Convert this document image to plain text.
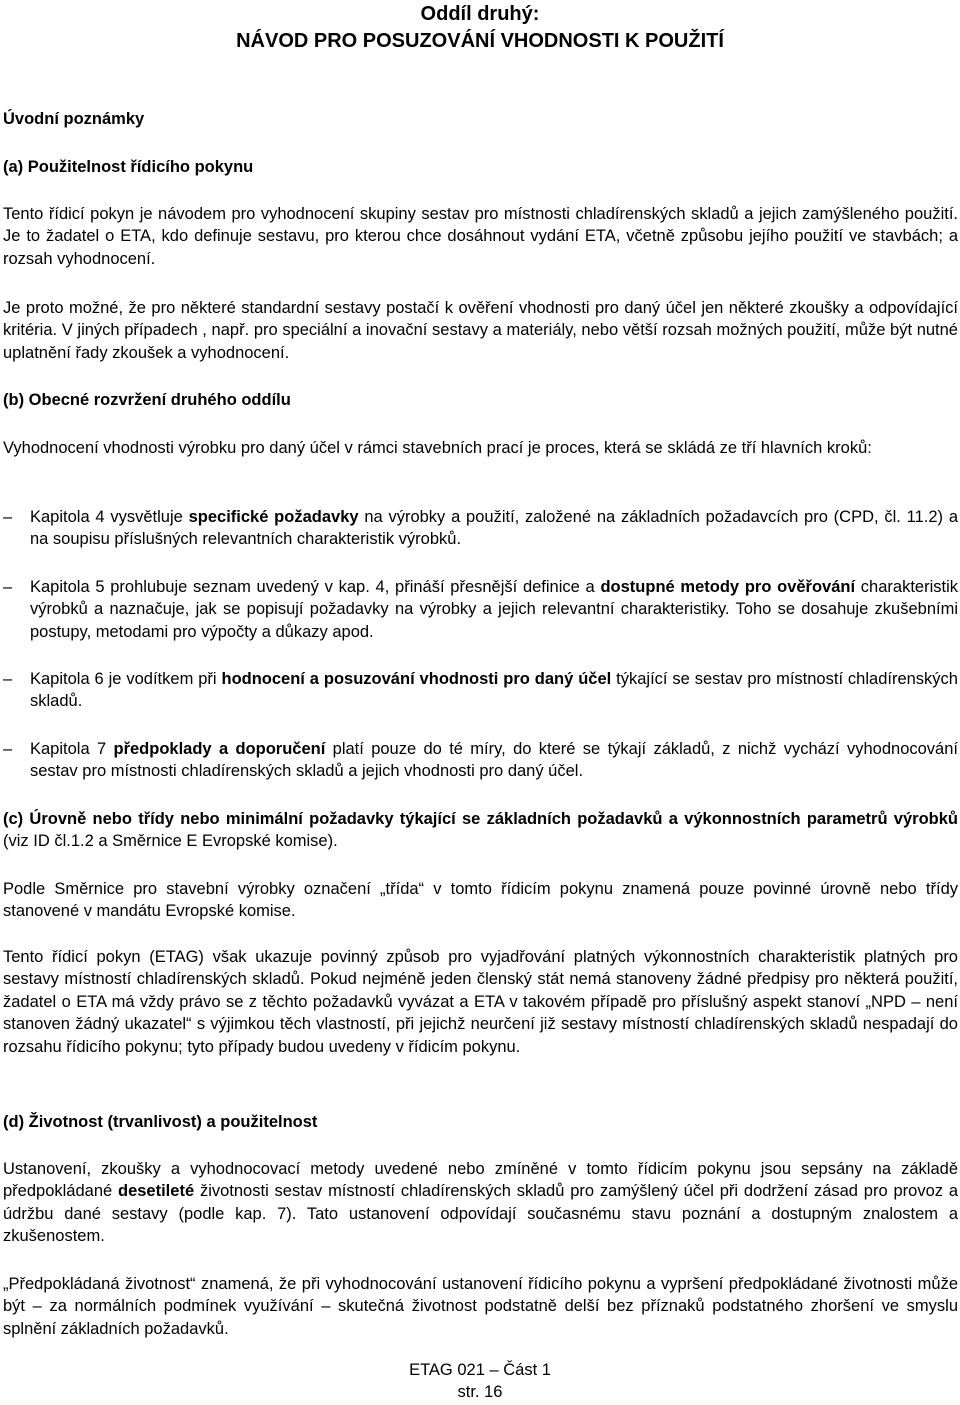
Oddíl druhý:
NÁVOD PRO POSUZOVÁNÍ VHODNOSTI K POUŽITÍ
Úvodní poznámky
(a) Použitelnost řídicího pokynu
Tento řídicí pokyn je návodem pro vyhodnocení skupiny sestav pro místnosti chladírenských skladů a jejich zamýšleného použití. Je to žadatel o ETA, kdo definuje sestavu, pro kterou chce dosáhnout vydání ETA, včetně způsobu jejího použití ve stavbách; a rozsah vyhodnocení.
Je proto možné, že pro některé standardní sestavy postačí k ověření vhodnosti pro daný účel jen některé zkoušky a odpovídající kritéria. V jiných případech , např. pro speciální a inovační sestavy a materiály, nebo větší rozsah možných použití, může být nutné uplatnění řady zkoušek a vyhodnocení.
(b) Obecné rozvržení druhého oddílu
Vyhodnocení vhodnosti výrobku pro daný účel v rámci stavebních prací je proces, která se skládá ze tří hlavních kroků:
–	Kapitola 4 vysvětluje specifické požadavky na výrobky a použití, založené na základních požadavcích pro (CPD, čl. 11.2) a na soupisu příslušných relevantních charakteristik výrobků.
–	Kapitola 5 prohlubuje seznam uvedený v kap. 4, přináší přesnější definice a dostupné metody pro ověřování charakteristik výrobků a naznačuje, jak se popisují požadavky na výrobky a jejich relevantní charakteristiky. Toho se dosahuje zkušebními postupy, metodami pro výpočty a důkazy apod.
–	Kapitola 6 je vodítkem při hodnocení a posuzování vhodnosti pro daný účel týkající se sestav pro místností chladírenských skladů.
–	Kapitola 7 předpoklady a doporučení platí pouze do té míry, do které se týkají základů, z nichž vychází vyhodnocování sestav pro místnosti chladírenských skladů a jejich vhodnosti pro daný účel.
(c) Úrovně nebo třídy nebo minimální požadavky týkající se základních požadavků a výkonnostních parametrů výrobků (viz ID čl.1.2 a Směrnice E Evropské komise).
Podle Směrnice pro stavební výrobky označení „třída“ v tomto řídicím pokynu znamená pouze povinné úrovně nebo třídy stanovené v mandátu Evropské komise.
Tento řídicí pokyn (ETAG) však ukazuje povinný způsob pro vyjadřování platných výkonnostních charakteristik platných pro sestavy místností chladírenských skladů. Pokud nejméně jeden členský stát nemá stanoveny žádné předpisy pro některá použití, žadatel o ETA má vždy právo se z těchto požadavků vyvázat a ETA v takovém případě pro příslušný aspekt stanoví „NPD – není stanoven žádný ukazatel“ s výjimkou těch vlastností, při jejichž neurčení již sestavy místností chladírenských skladů nespadají do rozsahu řídicího pokynu; tyto případy budou uvedeny v řídicím pokynu.
(d) Životnost (trvanlivost) a použitelnost
Ustanovení, zkoušky a vyhodnocovací metody uvedené nebo zmíněné v tomto řídicím pokynu jsou sepsány na základě předpokládané desetileté životnosti sestav místností chladírenských skladů pro zamýšlený účel při dodržení zásad pro provoz a údržbu dané sestavy (podle kap. 7). Tato ustanovení odpovídají současnému stavu poznání a dostupným znalostem a zkušenostem.
„Předpokládaná životnost“ znamená, že při vyhodnocování ustanovení řídicího pokynu a vypršení předpokládané životnosti může být – za normálních podmínek využívání – skutečná životnost podstatně delší bez příznaků podstatného zhoršení ve smyslu splnění základních požadavků.
ETAG 021 – Část 1
str. 16
